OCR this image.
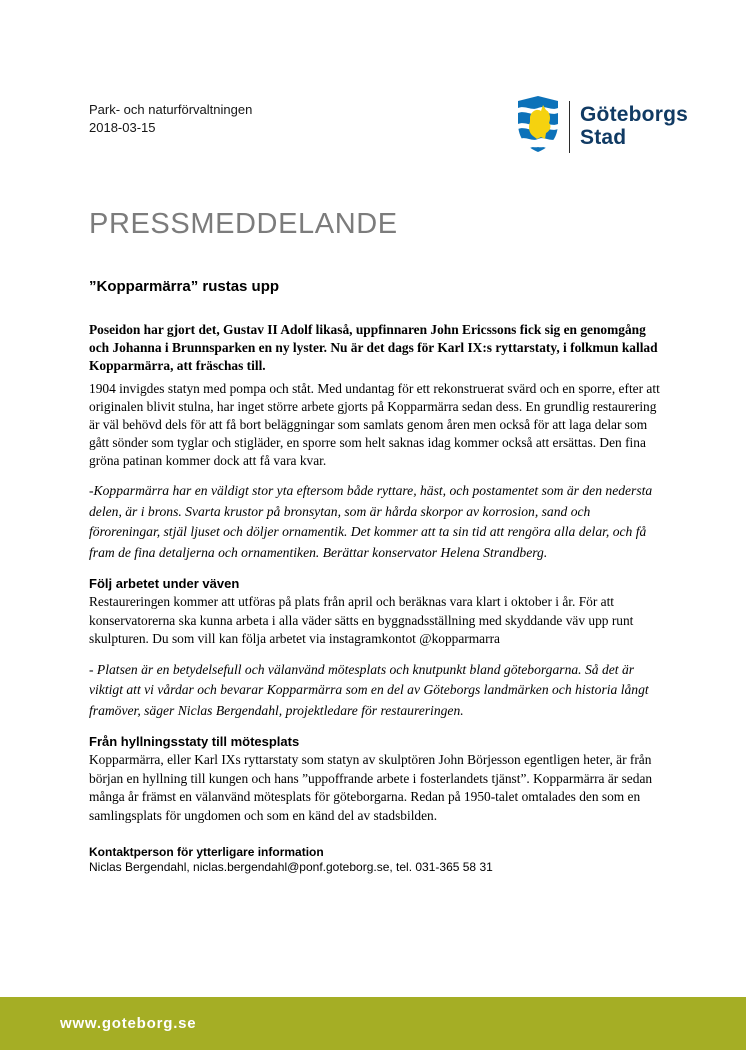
Park- och naturförvaltningen
2018-03-15
Göteborgs
Stad
PRESSMEDDELANDE
”Kopparmärra” rustas upp

Poseidon har gjort det, Gustav II Adolf likaså, uppfinnaren John Ericssons fick sig en genomgång och Johanna i Brunnsparken en ny lyster. Nu är det dags för Karl IX:s ryttarstaty, i folkmun kallad Kopparmärra, att fräschas till.

1904 invigdes statyn med pompa och ståt. Med undantag för ett rekonstruerat svärd och en sporre, efter att originalen blivit stulna, har inget större arbete gjorts på Kopparmärra sedan dess. En grundlig restaurering är väl behövd dels för att få bort beläggningar som samlats genom åren men också för att laga delar som gått sönder som tyglar och stigläder, en sporre som helt saknas idag kommer också att ersättas. Den fina gröna patinan kommer dock att få vara kvar.

-Kopparmärra har en väldigt stor yta eftersom både ryttare, häst, och postamentet som är den nedersta delen, är i brons. Svarta krustor på bronsytan, som är hårda skorpor av korrosion, sand och föroreningar, stjäl ljuset och döljer ornamentik. Det kommer att ta sin tid att rengöra alla delar, och få fram de fina detaljerna och ornamentiken. Berättar konservator Helena Strandberg.

Följ arbetet under väven

Restaureringen kommer att utföras på plats från april och beräknas vara klart i oktober i år. För att konservatorerna ska kunna arbeta i alla väder sätts en byggnadsställning med skyddande väv upp runt skulpturen. Du som vill kan följa arbetet via instagramkontot @kopparmarra

- Platsen är en betydelsefull och välanvänd mötesplats och knutpunkt bland göteborgarna. Så det är viktigt att vi vårdar och bevarar Kopparmärra som en del av Göteborgs landmärken och historia långt framöver, säger Niclas Bergendahl, projektledare för restaureringen.

Från hyllningsstaty till mötesplats

Kopparmärra, eller Karl IXs ryttarstaty som statyn av skulptören John Börjesson egentligen heter, är från början en hyllning till kungen och hans ”uppoffrande arbete i fosterlandets tjänst”. Kopparmärra är sedan många år främst en välanvänd mötesplats för göteborgarna. Redan på 1950-talet omtalades den som en samlingsplats för ungdomen och som en känd del av stadsbilden.

Kontaktperson för ytterligare information

Niclas Bergendahl, niclas.bergendahl@ponf.goteborg.se, tel. 031-365 58 31

www.goteborg.se
